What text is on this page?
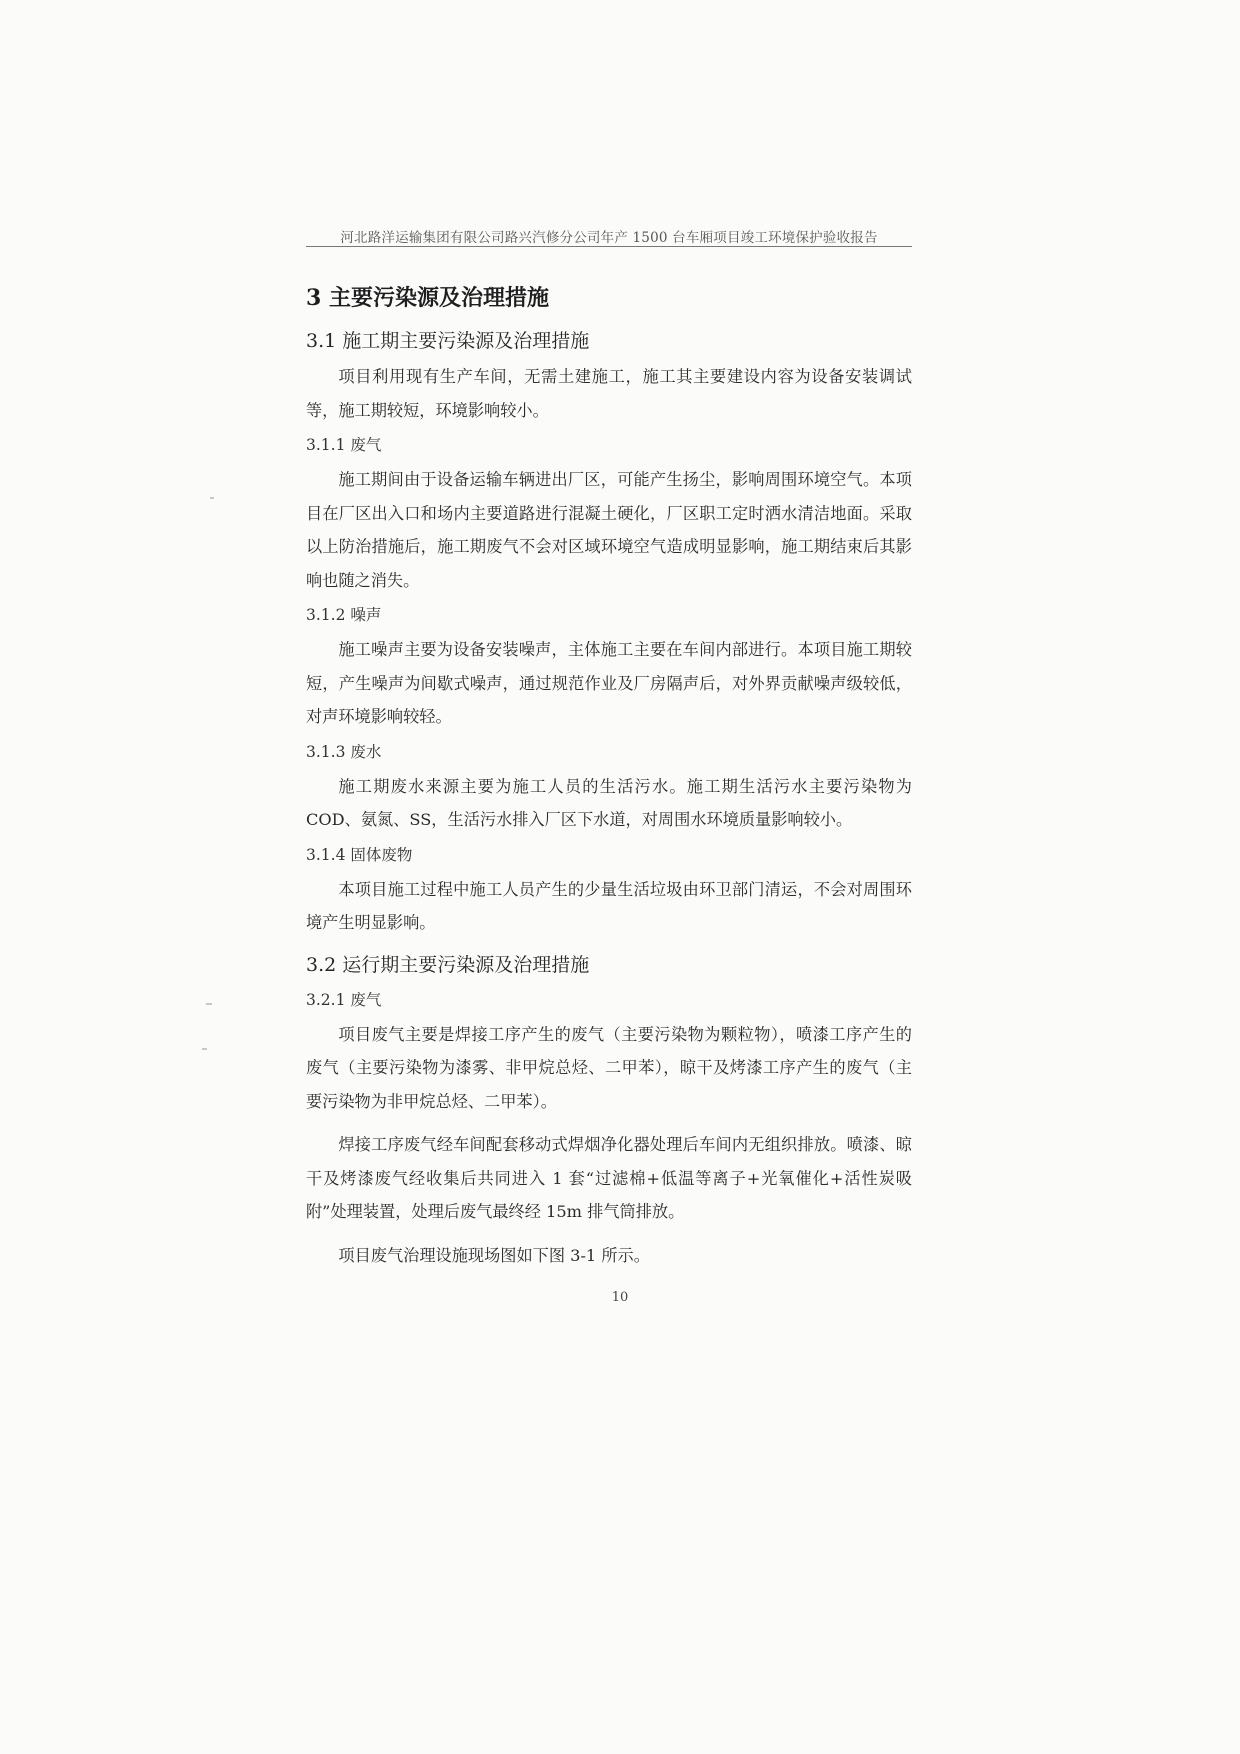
河北路洋运输集团有限公司路兴汽修分公司年产 1500 台车厢项目竣工环境保护验收报告
3 主要污染源及治理措施
3.1 施工期主要污染源及治理措施

项目利用现有生产车间，无需土建施工，施工其主要建设内容为设备安装调试等，施工期较短，环境影响较小。

3.1.1 废气

施工期间由于设备运输车辆进出厂区，可能产生扬尘，影响周围环境空气。本项目在厂区出入口和场内主要道路进行混凝土硬化，厂区职工定时洒水清洁地面。采取以上防治措施后，施工期废气不会对区域环境空气造成明显影响，施工期结束后其影响也随之消失。

3.1.2 噪声

施工噪声主要为设备安装噪声，主体施工主要在车间内部进行。本项目施工期较短，产生噪声为间歇式噪声，通过规范作业及厂房隔声后，对外界贡献噪声级较低，对声环境影响较轻。

3.1.3 废水

施工期废水来源主要为施工人员的生活污水。施工期生活污水主要污染物为 COD、氨氮、SS，生活污水排入厂区下水道，对周围水环境质量影响较小。

3.1.4 固体废物

本项目施工过程中施工人员产生的少量生活垃圾由环卫部门清运，不会对周围环境产生明显影响。

3.2 运行期主要污染源及治理措施
3.2.1 废气

项目废气主要是焊接工序产生的废气（主要污染物为颗粒物），喷漆工序产生的废气（主要污染物为漆雾、非甲烷总烃、二甲苯），晾干及烤漆工序产生的废气（主要污染物为非甲烷总烃、二甲苯）。

焊接工序废气经车间配套移动式焊烟净化器处理后车间内无组织排放。喷漆、晾干及烤漆废气经收集后共同进入 1 套“过滤棉+低温等离子+光氧催化+活性炭吸附”处理装置，处理后废气最终经 15m 排气筒排放。

项目废气治理设施现场图如下图 3-1 所示。

10
